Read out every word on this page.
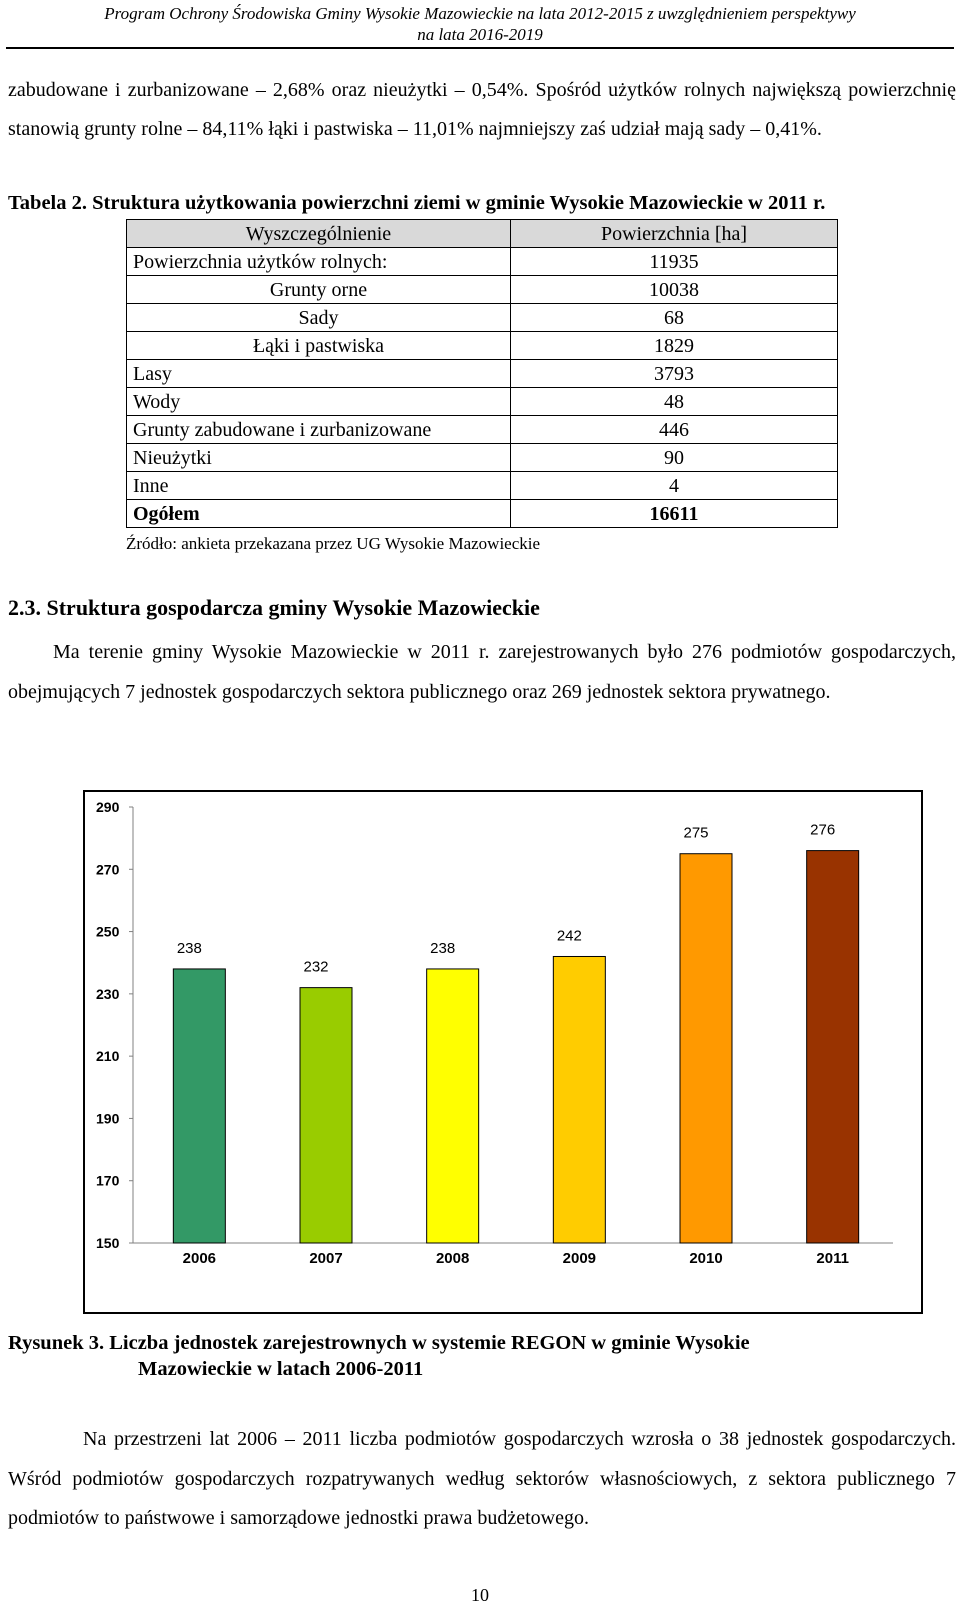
Program Ochrony Środowiska Gminy Wysokie Mazowieckie na lata 2012-2015 z uwzględnieniem perspektywy
na lata 2016-2019

zabudowane i zurbanizowane – 2,68% oraz nieużytki – 0,54%. Spośród użytków rolnych największą powierzchnię stanowią grunty rolne – 84,11% łąki i pastwiska – 11,01% najmniejszy zaś udział mają sady – 0,41%.

Tabela 2. Struktura użytkowania powierzchni ziemi w gminie Wysokie Mazowieckie w 2011 r.
Wyszczególnienie	Powierzchnia [ha]
Powierzchnia użytków rolnych:	11935
Grunty orne	10038
Sady	68
Łąki i pastwiska	1829
Lasy	3793
Wody	48
Grunty zabudowane i zurbanizowane	446
Nieużytki	90
Inne	4
Ogółem	16611
Źródło: ankieta przekazana przez UG Wysokie Mazowieckie
2.3. Struktura gospodarcza gminy Wysokie Mazowieckie

Ma terenie gminy Wysokie Mazowieckie w 2011 r. zarejestrowanych było 276 podmiotów gospodarczych, obejmujących 7 jednostek gospodarczych sektora publicznego oraz 269 jednostek sektora prywatnego.

290
270
250
230
210
190
170
150
2006	2007	2008	2009	2010	2011
238
232
238
242
275	276
Rysunek 3. Liczba jednostek zarejestrownych w systemie REGON w gminie Wysokie
Mazowieckie w latach 2006-2011

Na przestrzeni lat 2006 – 2011 liczba podmiotów gospodarczych wzrosła o 38 jednostek gospodarczych. Wśród podmiotów gospodarczych rozpatrywanych według sektorów własnościowych, z sektora publicznego 7 podmiotów to państwowe i samorządowe jednostki prawa budżetowego.

10
